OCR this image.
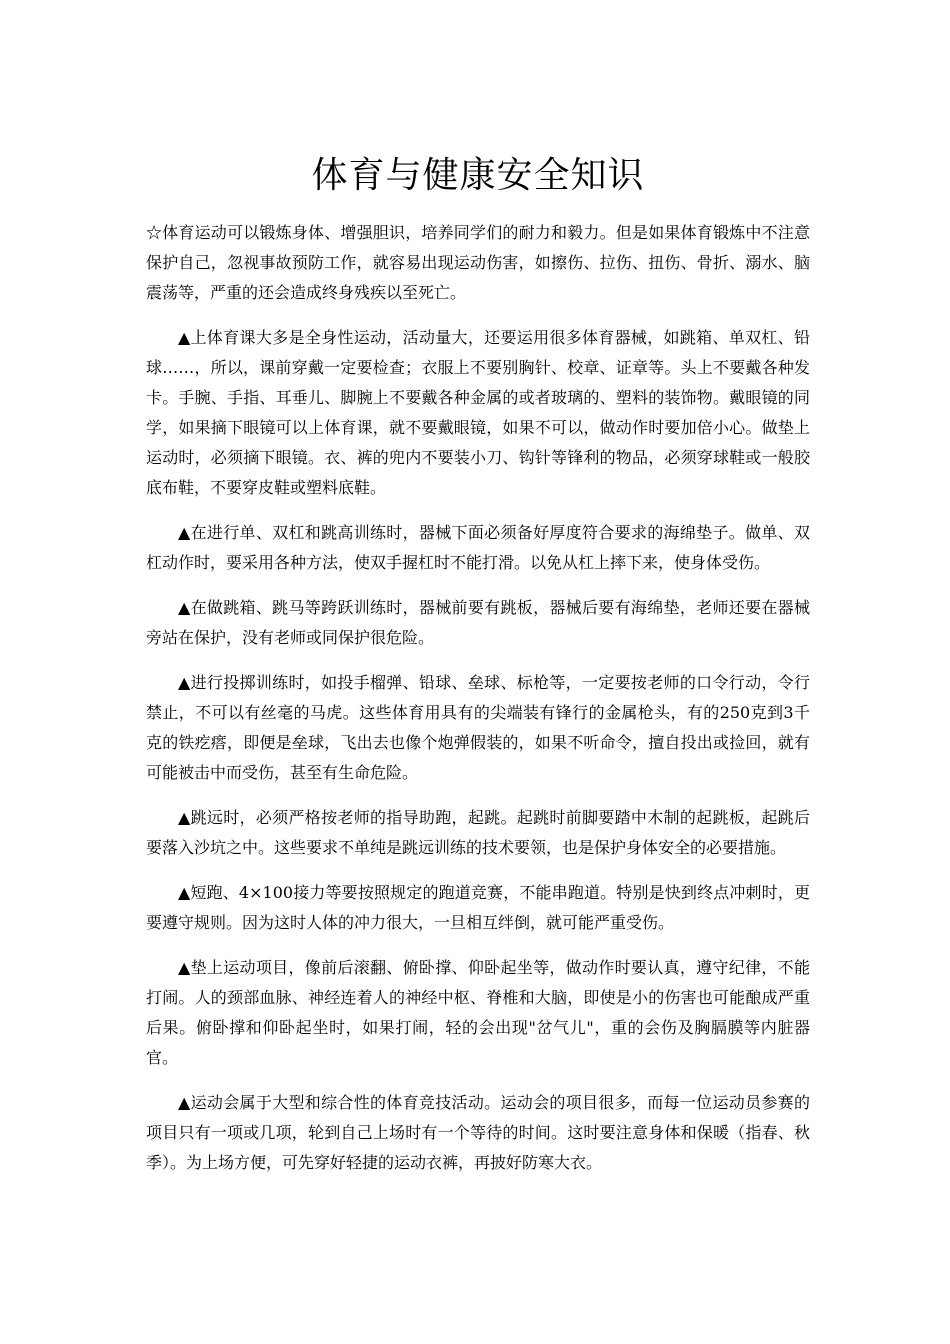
体育与健康安全知识

☆体育运动可以锻炼身体、增强胆识，培养同学们的耐力和毅力。但是如果体育锻炼中不注意保护自己，忽视事故预防工作，就容易出现运动伤害，如擦伤、拉伤、扭伤、骨折、溺水、脑震荡等，严重的还会造成终身残疾以至死亡。

▲上体育课大多是全身性运动，活动量大，还要运用很多体育器械，如跳箱、单双杠、铅球……，所以，课前穿戴一定要检查；衣服上不要别胸针、校章、证章等。头上不要戴各种发卡。手腕、手指、耳垂儿、脚腕上不要戴各种金属的或者玻璃的、塑料的装饰物。戴眼镜的同学，如果摘下眼镜可以上体育课，就不要戴眼镜，如果不可以，做动作时要加倍小心。做垫上运动时，必须摘下眼镜。衣、裤的兜内不要装小刀、钩针等锋利的物品，必须穿球鞋或一般胶底布鞋，不要穿皮鞋或塑料底鞋。

▲在进行单、双杠和跳高训练时，器械下面必须备好厚度符合要求的海绵垫子。做单、双杠动作时，要采用各种方法，使双手握杠时不能打滑。以免从杠上摔下来，使身体受伤。

▲在做跳箱、跳马等跨跃训练时，器械前要有跳板，器械后要有海绵垫，老师还要在器械旁站在保护，没有老师或同保护很危险。

▲进行投掷训练时，如投手榴弹、铅球、垒球、标枪等，一定要按老师的口令行动，令行禁止，不可以有丝毫的马虎。这些体育用具有的尖端装有锋行的金属枪头，有的250克到3千克的铁疙瘩，即便是垒球，飞出去也像个炮弹假装的，如果不听命令，擅自投出或捡回，就有可能被击中而受伤，甚至有生命危险。

▲跳远时，必须严格按老师的指导助跑，起跳。起跳时前脚要踏中木制的起跳板，起跳后要落入沙坑之中。这些要求不单纯是跳远训练的技术要领，也是保护身体安全的必要措施。

▲短跑、4×100接力等要按照规定的跑道竞赛，不能串跑道。特别是快到终点冲刺时，更要遵守规则。因为这时人体的冲力很大，一旦相互绊倒，就可能严重受伤。

▲垫上运动项目，像前后滚翻、俯卧撑、仰卧起坐等，做动作时要认真，遵守纪律，不能打闹。人的颈部血脉、神经连着人的神经中枢、脊椎和大脑，即使是小的伤害也可能酿成严重后果。俯卧撑和仰卧起坐时，如果打闹，轻的会出现"岔气儿"，重的会伤及胸膈膜等内脏器官。

▲运动会属于大型和综合性的体育竞技活动。运动会的项目很多，而每一位运动员参赛的项目只有一项或几项，轮到自己上场时有一个等待的时间。这时要注意身体和保暖（指春、秋季）。为上场方便，可先穿好轻捷的运动衣裤，再披好防寒大衣。
